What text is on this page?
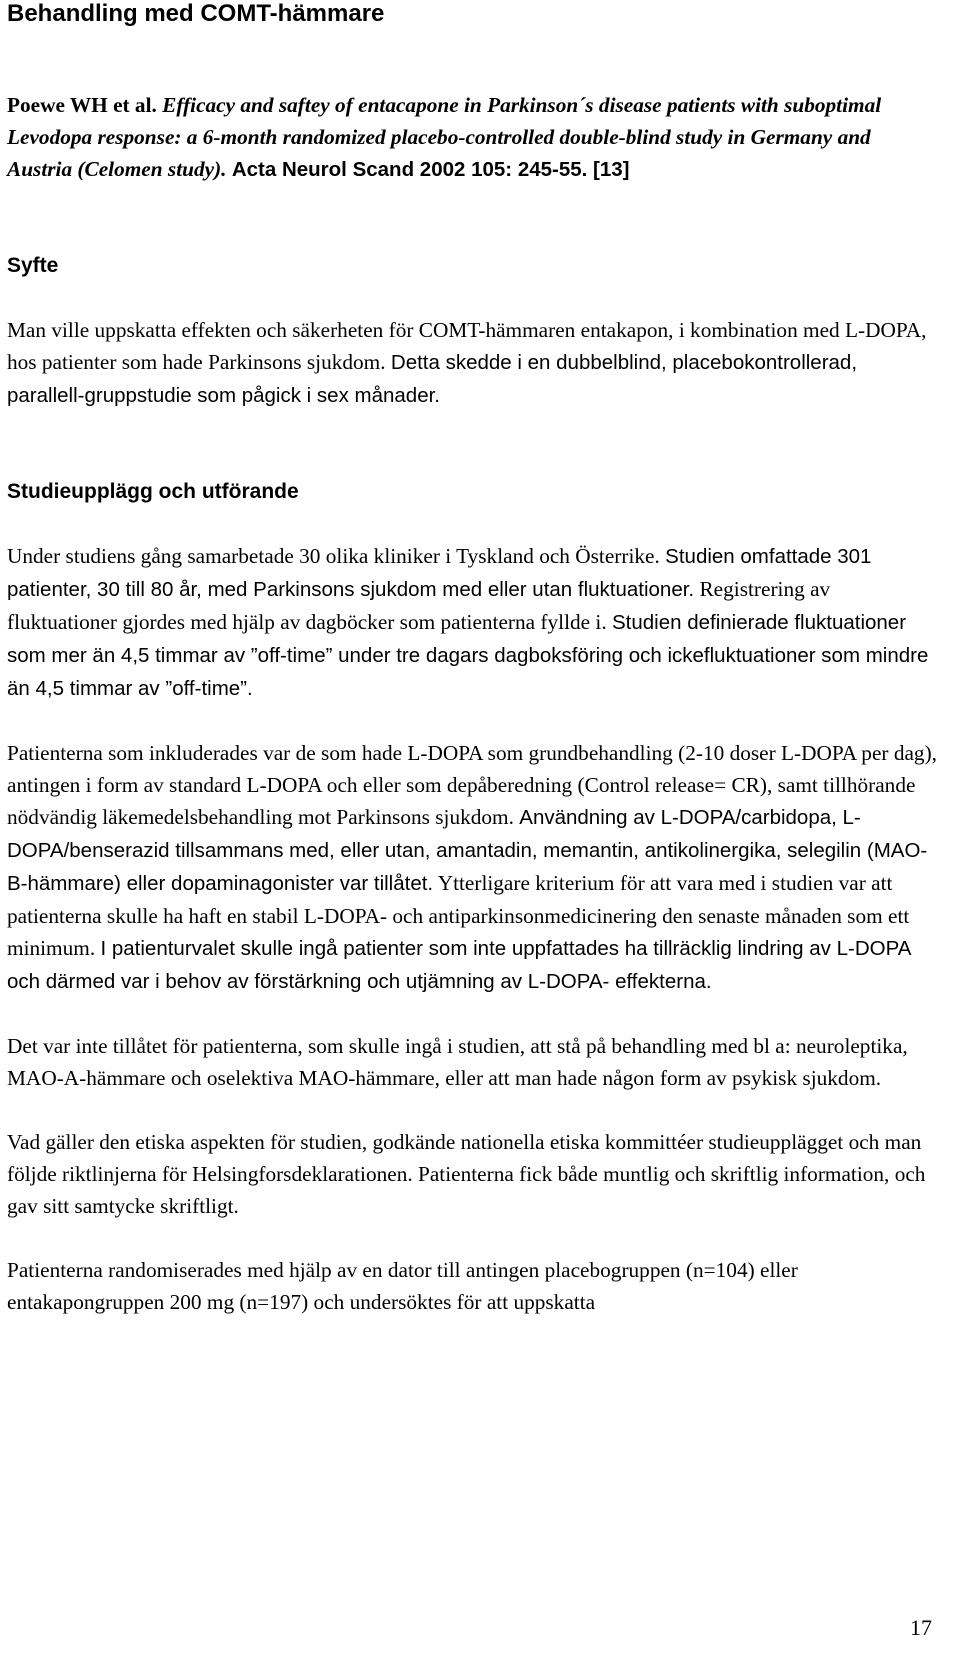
Behandling med COMT-hämmare

Poewe WH et al. Efficacy and saftey of entacapone in Parkinson´s disease patients with suboptimal Levodopa response: a 6-month randomized placebo-controlled double-blind study in Germany and Austria (Celomen study). Acta Neurol Scand 2002 105: 245-55. [13]

Syfte

Man ville uppskatta effekten och säkerheten för COMT-hämmaren entakapon, i kombination med L-DOPA, hos patienter som hade Parkinsons sjukdom. Detta skedde i en dubbelblind, placebokontrollerad, parallell-gruppstudie som pågick i sex månader.

Studieupplägg och utförande

Under studiens gång samarbetade 30 olika kliniker i Tyskland och Österrike. Studien omfattade 301 patienter, 30 till 80 år, med Parkinsons sjukdom med eller utan fluktuationer. Registrering av fluktuationer gjordes med hjälp av dagböcker som patienterna fyllde i. Studien definierade fluktuationer som mer än 4,5 timmar av ”off-time” under tre dagars dagboksföring och ickefluktuationer som mindre än 4,5 timmar av ”off-time”.

Patienterna som inkluderades var de som hade L-DOPA som grundbehandling (2-10 doser L-DOPA per dag), antingen i form av standard L-DOPA och eller som depåberedning (Control release= CR), samt tillhörande nödvändig läkemedelsbehandling mot Parkinsons sjukdom. Användning av L-DOPA/carbidopa, L-DOPA/benserazid tillsammans med, eller utan, amantadin, memantin, antikolinergika, selegilin (MAO-B-hämmare) eller dopaminagonister var tillåtet. Ytterligare kriterium för att vara med i studien var att patienterna skulle ha haft en stabil L-DOPA- och antiparkinsonmedicinering den senaste månaden som ett minimum. I patienturvalet skulle ingå patienter som inte uppfattades ha tillräcklig lindring av L-DOPA och därmed var i behov av förstärkning och utjämning av L-DOPA- effekterna.

Det var inte tillåtet för patienterna, som skulle ingå i studien, att stå på behandling med bl a: neuroleptika, MAO-A-hämmare och oselektiva MAO-hämmare, eller att man hade någon form av psykisk sjukdom.

Vad gäller den etiska aspekten för studien, godkände nationella etiska kommittéer studieupplägget och man följde riktlinjerna för Helsingforsdeklarationen. Patienterna fick både muntlig och skriftlig information, och gav sitt samtycke skriftligt.

Patienterna randomiserades med hjälp av en dator till antingen placebogruppen (n=104) eller entakapongruppen 200 mg (n=197) och undersöktes för att uppskatta

17
